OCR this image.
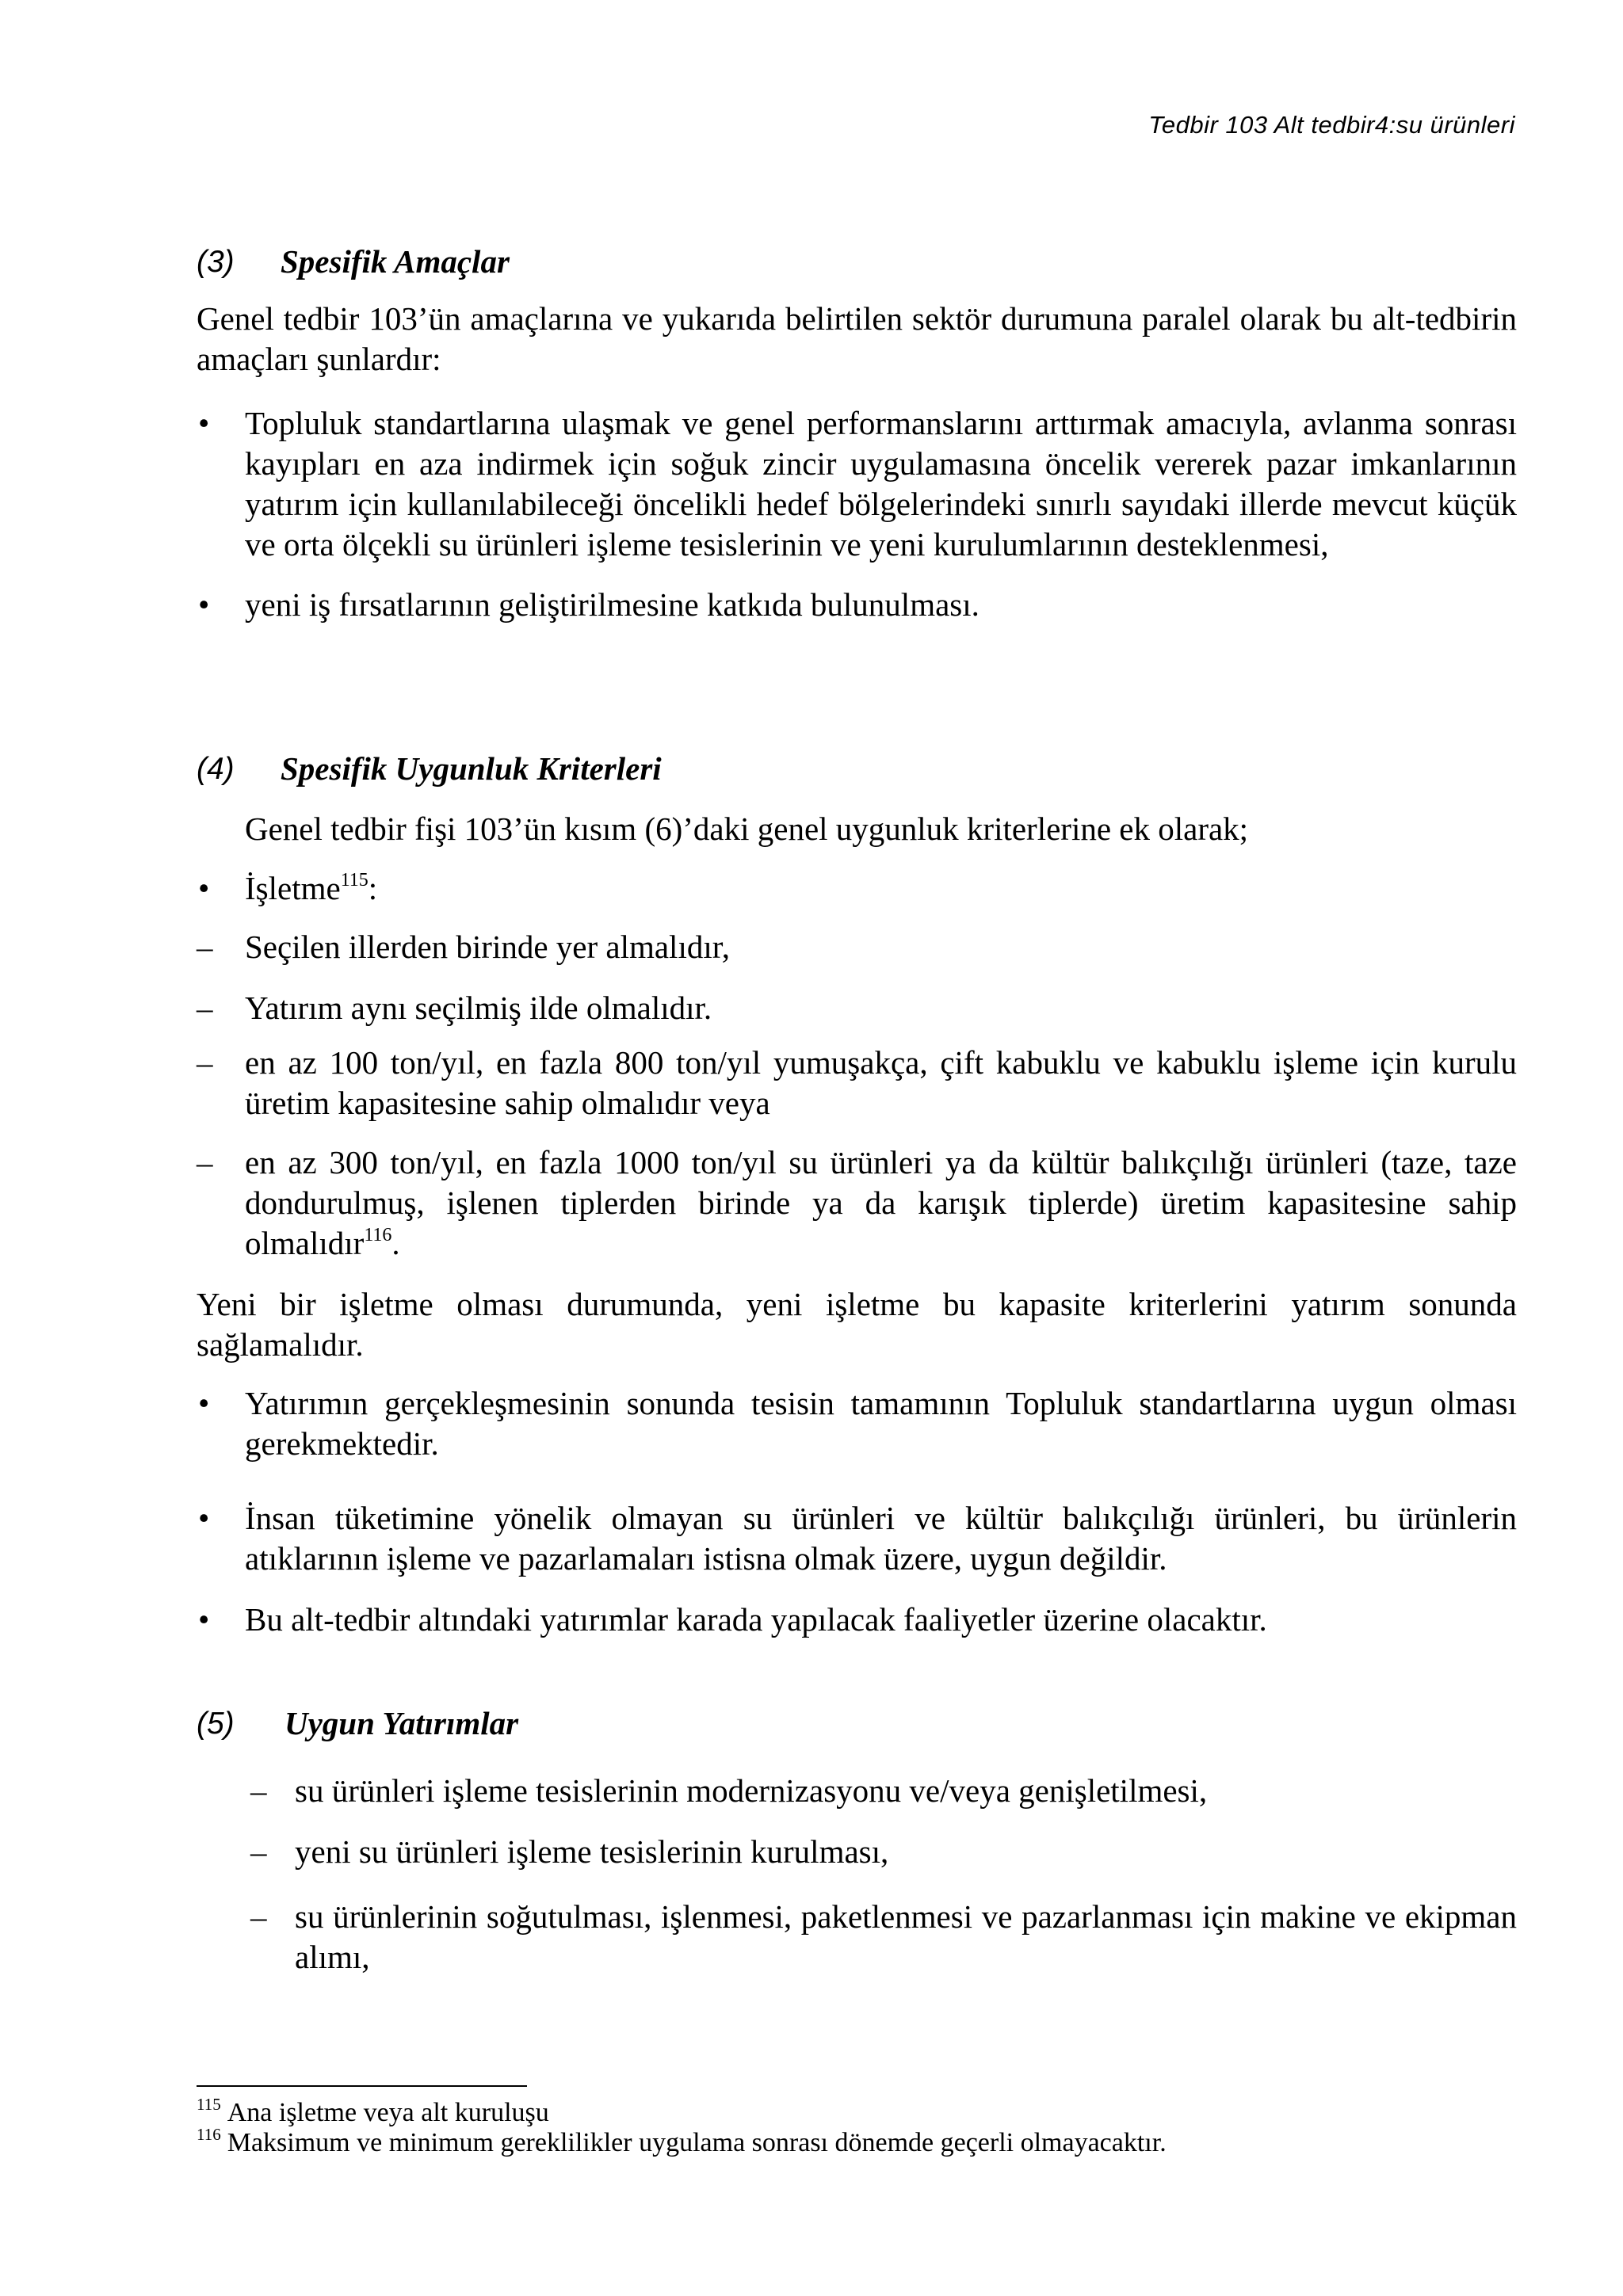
Tedbir 103 Alt tedbir4:su ürünleri
(3) Spesifik Amaçlar
Genel tedbir 103’ün amaçlarına ve yukarıda belirtilen sektör durumuna paralel olarak bu alt-tedbirin amaçları şunlardır:
• Topluluk standartlarına ulaşmak ve genel performanslarını arttırmak amacıyla, avlanma sonrası kayıpları en aza indirmek için soğuk zincir uygulamasına öncelik vererek pazar imkanlarının yatırım için kullanılabileceği öncelikli hedef bölgelerindeki sınırlı sayıdaki illerde mevcut küçük ve orta ölçekli su ürünleri işleme tesislerinin ve yeni kurulumlarının desteklenmesi,
• yeni iş fırsatlarının geliştirilmesine katkıda bulunulması.
(4) Spesifik Uygunluk Kriterleri
Genel tedbir fişi 103’ün kısım (6)’daki genel uygunluk kriterlerine ek olarak;
• İşletme$^{115}$:
– Seçilen illerden birinde yer almalıdır,
– Yatırım aynı seçilmiş ilde olmalıdır.
– en az 100 ton/yıl, en fazla 800 ton/yıl yumuşakça, çift kabuklu ve kabuklu işleme için kurulu üretim kapasitesine sahip olmalıdır veya
– en az 300 ton/yıl, en fazla 1000 ton/yıl su ürünleri ya da kültür balıkçılığı ürünleri (taze, taze dondurulmuş, işlenen tiplerden birinde ya da karışık tiplerde) üretim kapasitesine sahip olmalıdır$^{116}$.
Yeni bir işletme olması durumunda, yeni işletme bu kapasite kriterlerini yatırım sonunda sağlamalıdır.
• Yatırımın gerçekleşmesinin sonunda tesisin tamamının Topluluk standartlarına uygun olması gerekmektedir.
• İnsan tüketimine yönelik olmayan su ürünleri ve kültür balıkçılığı ürünleri, bu ürünlerin atıklarının işleme ve pazarlamaları istisna olmak üzere, uygun değildir.
• Bu alt-tedbir altındaki yatırımlar karada yapılacak faaliyetler üzerine olacaktır.
(5) Uygun Yatırımlar
– su ürünleri işleme tesislerinin modernizasyonu ve/veya genişletilmesi,
– yeni su ürünleri işleme tesislerinin kurulması,
– su ürünlerinin soğutulması, işlenmesi, paketlenmesi ve pazarlanması için makine ve ekipman alımı,
$^{115}$ Ana işletme veya alt kuruluşu
$^{116}$ Maksimum ve minimum gereklilikler uygulama sonrası dönemde geçerli olmayacaktır.
